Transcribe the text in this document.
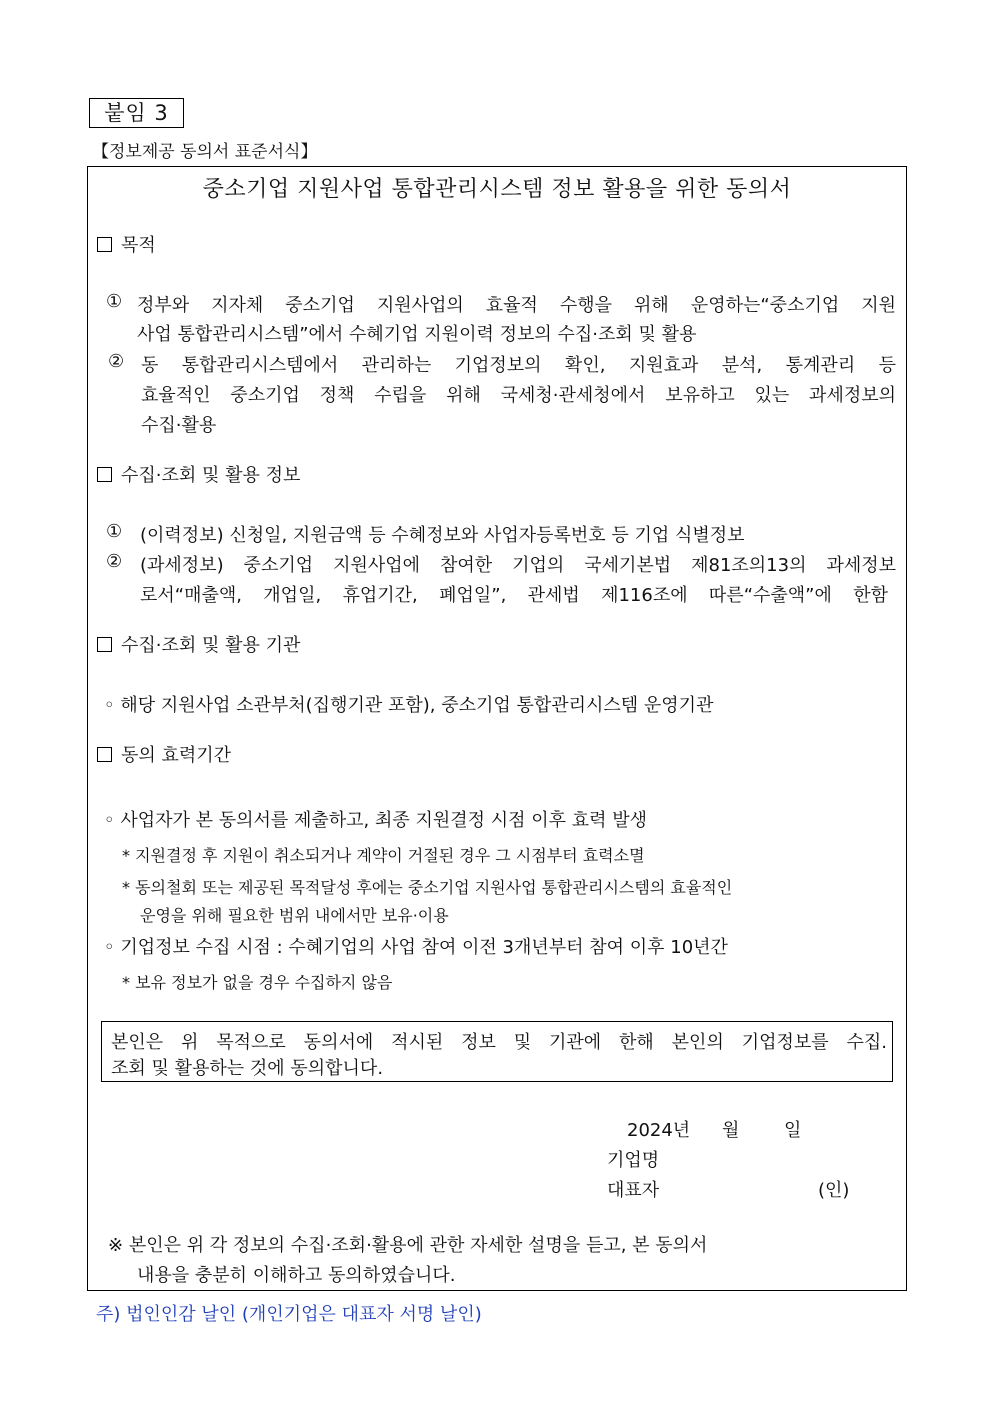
붙임 3
【정보제공 동의서 표준서식】
중소기업 지원사업 통합관리시스템 정보 활용을 위한 동의서
목적
① 정부와 지자체 중소기업 지원사업의 효율적 수행을 위해 운영하는“중소기업 지원
사업 통합관리시스템”에서 수혜기업 지원이력 정보의 수집·조회 및 활용
② 동 통합관리시스템에서 관리하는 기업정보의 확인, 지원효과 분석, 통계관리 등
효율적인 중소기업 정책 수립을 위해 국세청·관세청에서 보유하고 있는 과세정보의
수집·활용
수집·조회 및 활용 정보
① (이력정보) 신청일, 지원금액 등 수혜정보와 사업자등록번호 등 기업 식별정보
② (과세정보) 중소기업 지원사업에 참여한 기업의 국세기본법 제81조의13의 과세정보
로서“매출액, 개업일, 휴업기간, 폐업일”, 관세법 제116조에 따른“수출액”에 한함
수집·조회 및 활용 기관
◦ 해당 지원사업 소관부처(집행기관 포함), 중소기업 통합관리시스템 운영기관
동의 효력기간
◦ 사업자가 본 동의서를 제출하고, 최종 지원결정 시점 이후 효력 발생
* 지원결정 후 지원이 취소되거나 계약이 거절된 경우 그 시점부터 효력소멸
* 동의철회 또는 제공된 목적달성 후에는 중소기업 지원사업 통합관리시스템의 효율적인
운영을 위해 필요한 범위 내에서만 보유·이용
◦ 기업정보 수집 시점 : 수혜기업의 사업 참여 이전 3개년부터 참여 이후 10년간
* 보유 정보가 없을 경우 수집하지 않음
본인은 위 목적으로 동의서에 적시된 정보 및 기관에 한해 본인의 기업정보를 수집.
조회 및 활용하는 것에 동의합니다.
2024년 월 일
기업명
대표자	(인)
※ 본인은 위 각 정보의 수집·조회·활용에 관한 자세한 설명을 듣고, 본 동의서
내용을 충분히 이해하고 동의하였습니다.
주) 법인인감 날인 (개인기업은 대표자 서명 날인)
